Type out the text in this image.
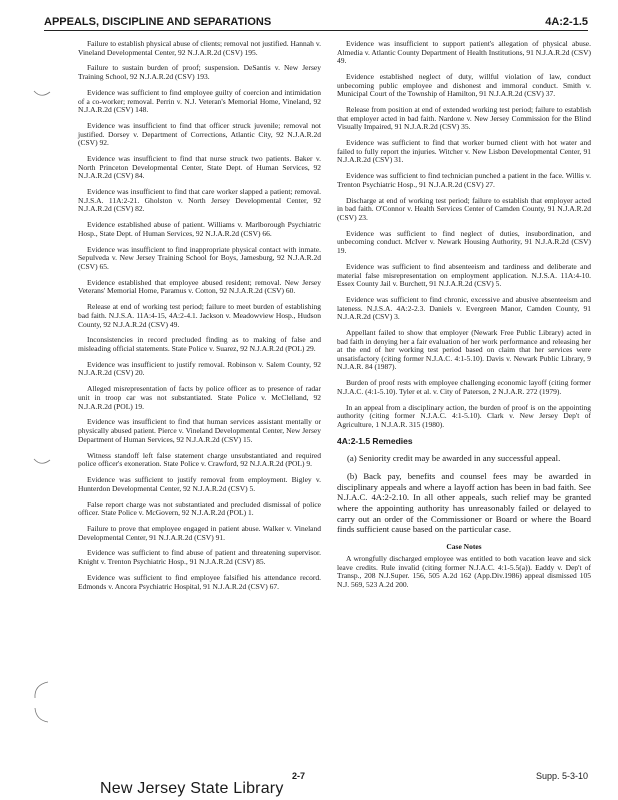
APPEALS, DISCIPLINE AND SEPARATIONS	4A:2-1.5

Failure to establish physical abuse of clients; removal not justified. Hannah v. Vineland Developmental Center, 92 N.J.A.R.2d (CSV) 195.

Failure to sustain burden of proof; suspension. DeSantis v. New Jersey Training School, 92 N.J.A.R.2d (CSV) 193.

Evidence was sufficient to find employee guilty of coercion and intimidation of a co-worker; removal. Perrin v. N.J. Veteran's Memorial Home, Vineland, 92 N.J.A.R.2d (CSV) 148.

Evidence was insufficient to find that officer struck juvenile; removal not justified. Dorsey v. Department of Corrections, Atlantic City, 92 N.J.A.R.2d (CSV) 92.

Evidence was insufficient to find that nurse struck two patients. Baker v. North Princeton Developmental Center, State Dept. of Human Services, 92 N.J.A.R.2d (CSV) 84.

Evidence was insufficient to find that care worker slapped a patient; removal. N.J.S.A. 11A:2-21. Gholston v. North Jersey Developmental Center, 92 N.J.A.R.2d (CSV) 82.

Evidence established abuse of patient. Williams v. Marlborough Psychiatric Hosp., State Dept. of Human Services, 92 N.J.A.R.2d (CSV) 66.

Evidence was insufficient to find inappropriate physical contact with inmate. Sepulveda v. New Jersey Training School for Boys, Jamesburg, 92 N.J.A.R.2d (CSV) 65.

Evidence established that employee abused resident; removal. New Jersey Veterans' Memorial Home, Paramus v. Cotton, 92 N.J.A.R.2d (CSV) 60.

Release at end of working test period; failure to meet burden of establishing bad faith. N.J.S.A. 11A:4-15, 4A:2-4.1. Jackson v. Meadowview Hosp., Hudson County, 92 N.J.A.R.2d (CSV) 49.

Inconsistencies in record precluded finding as to making of false and misleading official statements. State Police v. Suarez, 92 N.J.A.R.2d (POL) 29.

Evidence was insufficient to justify removal. Robinson v. Salem County, 92 N.J.A.R.2d (CSV) 20.

Alleged misrepresentation of facts by police officer as to presence of radar unit in troop car was not substantiated. State Police v. McClelland, 92 N.J.A.R.2d (POL) 19.

Evidence was insufficient to find that human services assistant mentally or physically abused patient. Pierce v. Vineland Developmental Center, New Jersey Department of Human Services, 92 N.J.A.R.2d (CSV) 15.

Witness standoff left false statement charge unsubstantiated and required police officer's exoneration. State Police v. Crawford, 92 N.J.A.R.2d (POL) 9.

Evidence was sufficient to justify removal from employment. Bigley v. Hunterdon Developmental Center, 92 N.J.A.R.2d (CSV) 5.

False report charge was not substantiated and precluded dismissal of police officer. State Police v. McGovern, 92 N.J.A.R.2d (POL) 1.

Failure to prove that employee engaged in patient abuse. Walker v. Vineland Developmental Center, 91 N.J.A.R.2d (CSV) 91.

Evidence was sufficient to find abuse of patient and threatening supervisor. Knight v. Trenton Psychiatric Hosp., 91 N.J.A.R.2d (CSV) 85.

Evidence was sufficient to find employee falsified his attendance record. Edmonds v. Ancora Psychiatric Hospital, 91 N.J.A.R.2d (CSV) 67.

Evidence was insufficient to support patient's allegation of physical abuse. Almedia v. Atlantic County Department of Health Institutions, 91 N.J.A.R.2d (CSV) 49.

Evidence established neglect of duty, willful violation of law, conduct unbecoming public employee and dishonest and immoral conduct. Smith v. Municipal Court of the Township of Hamilton, 91 N.J.A.R.2d (CSV) 37.

Release from position at end of extended working test period; failure to establish that employer acted in bad faith. Nardone v. New Jersey Commission for the Blind Visually Impaired, 91 N.J.A.R.2d (CSV) 35.

Evidence was sufficient to find that worker burned client with hot water and failed to fully report the injuries. Witcher v. New Lisbon Developmental Center, 91 N.J.A.R.2d (CSV) 31.

Evidence was sufficient to find technician punched a patient in the face. Willis v. Trenton Psychiatric Hosp., 91 N.J.A.R.2d (CSV) 27.

Discharge at end of working test period; failure to establish that employer acted in bad faith. O'Connor v. Health Services Center of Camden County, 91 N.J.A.R.2d (CSV) 23.

Evidence was sufficient to find neglect of duties, insubordination, and unbecoming conduct. McIver v. Newark Housing Authority, 91 N.J.A.R.2d (CSV) 19.

Evidence was sufficient to find absenteeism and tardiness and deliberate and material false misrepresentation on employment application. N.J.S.A. 11A:4-10. Essex County Jail v. Burchett, 91 N.J.A.R.2d (CSV) 5.

Evidence was sufficient to find chronic, excessive and abusive absenteeism and lateness. N.J.S.A. 4A:2-2.3. Daniels v. Evergreen Manor, Camden County, 91 N.J.A.R.2d (CSV) 3.

Appellant failed to show that employer (Newark Free Public Library) acted in bad faith in denying her a fair evaluation of her work performance and releasing her at the end of her working test period based on claim that her services were unsatisfactory (citing former N.J.A.C. 4:1-5.10). Davis v. Newark Public Library, 9 N.J.A.R. 84 (1987).

Burden of proof rests with employee challenging economic layoff (citing former N.J.A.C. (4:1-5.10). Tyler et al. v. City of Paterson, 2 N.J.A.R. 272 (1979).

In an appeal from a disciplinary action, the burden of proof is on the appointing authority (citing former N.J.A.C. 4:1-5.10). Clark v. New Jersey Dep't of Agriculture, 1 N.J.A.R. 315 (1980).

4A:2-1.5 Remedies

(a) Seniority credit may be awarded in any successful appeal.

(b) Back pay, benefits and counsel fees may be awarded in disciplinary appeals and where a layoff action has been in bad faith. See N.J.A.C. 4A:2-2.10. In all other appeals, such relief may be granted where the appointing authority has unreasonably failed or delayed to carry out an order of the Commissioner or Board or where the Board finds sufficient cause based on the particular case.

Case Notes

A wrongfully discharged employee was entitled to both vacation leave and sick leave credits. Rule invalid (citing former N.J.A.C. 4:1-5.5(a)). Eaddy v. Dep't of Transp., 208 N.J.Super. 156, 505 A.2d 162 (App.Div.1986) appeal dismissed 105 N.J. 569, 523 A.2d 200.

2-7	Supp. 5-3-10
New Jersey State Library
